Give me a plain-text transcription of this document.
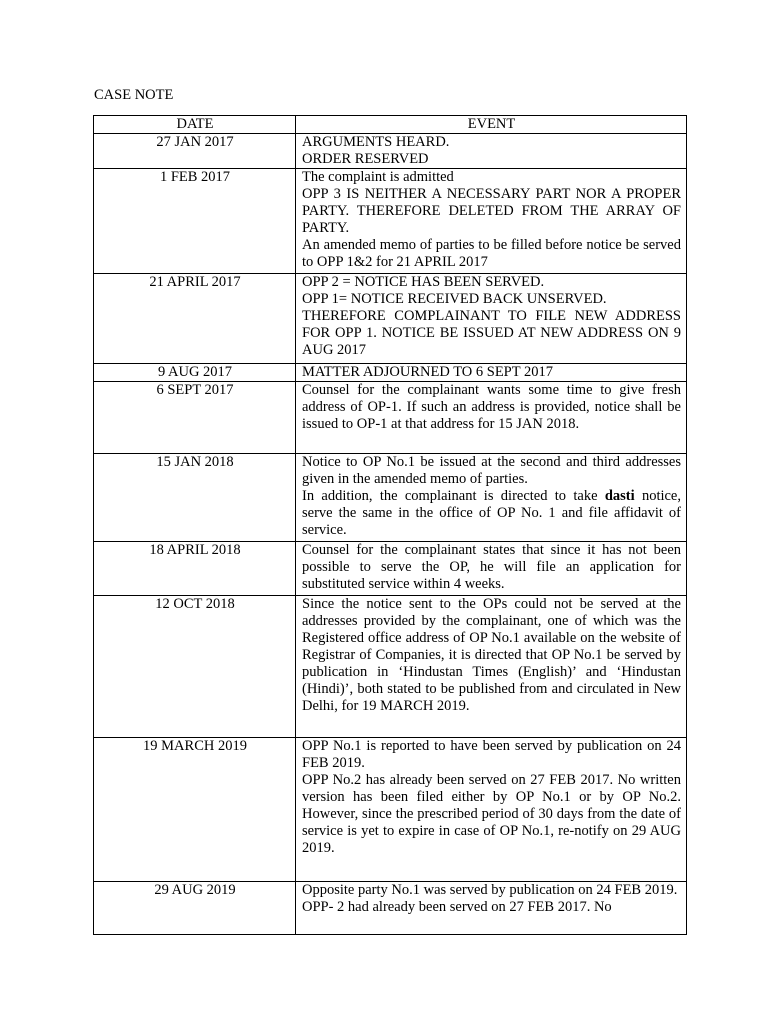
CASE NOTE
DATE	EVENT
27 JAN 2017	ARGUMENTS HEARD.

ORDER RESERVED

1 FEB 2017	The complaint is admitted

OPP 3 IS NEITHER A NECESSARY PART NOR A PROPER PARTY. THEREFORE DELETED FROM THE ARRAY OF PARTY.

An amended memo of parties to be filled before notice be served to OPP 1&2 for 21 APRIL 2017

21 APRIL 2017	OPP 2 = NOTICE HAS BEEN SERVED.

OPP 1= NOTICE RECEIVED BACK UNSERVED.

THEREFORE COMPLAINANT TO FILE NEW ADDRESS FOR OPP 1. NOTICE BE ISSUED AT NEW ADDRESS ON 9 AUG 2017

9 AUG 2017	MATTER ADJOURNED TO 6 SEPT 2017

6 SEPT 2017	Counsel for the complainant wants some time to give fresh address of OP-1. If such an address is provided, notice shall be issued to OP-1 at that address for 15 JAN 2018.

15 JAN 2018	Notice to OP No.1 be issued at the second and third addresses given in the amended memo of parties.

In addition, the complainant is directed to take dasti notice, serve the same in the office of OP No. 1 and file affidavit of service.

18 APRIL 2018	Counsel for the complainant states that since it has not been possible to serve the OP, he will file an application for substituted service within 4 weeks.

12 OCT 2018	Since the notice sent to the OPs could not be served at the addresses provided by the complainant, one of which was the Registered office address of OP No.1 available on the website of Registrar of Companies, it is directed that OP No.1 be served by publication in ‘Hindustan Times (English)’ and ‘Hindustan (Hindi)’, both stated to be published from and circulated in New Delhi, for 19 MARCH 2019.

19 MARCH 2019	OPP No.1 is reported to have been served by publication on 24 FEB 2019.

OPP No.2 has already been served on 27 FEB 2017. No written version has been filed either by OP No.1 or by OP No.2. However, since the prescribed period of 30 days from the date of service is yet to expire in case of OP No.1, re-notify on 29 AUG 2019.

29 AUG 2019	Opposite party No.1 was served by publication on 24 FEB 2019.

OPP- 2 had already been served on 27 FEB 2017. No
